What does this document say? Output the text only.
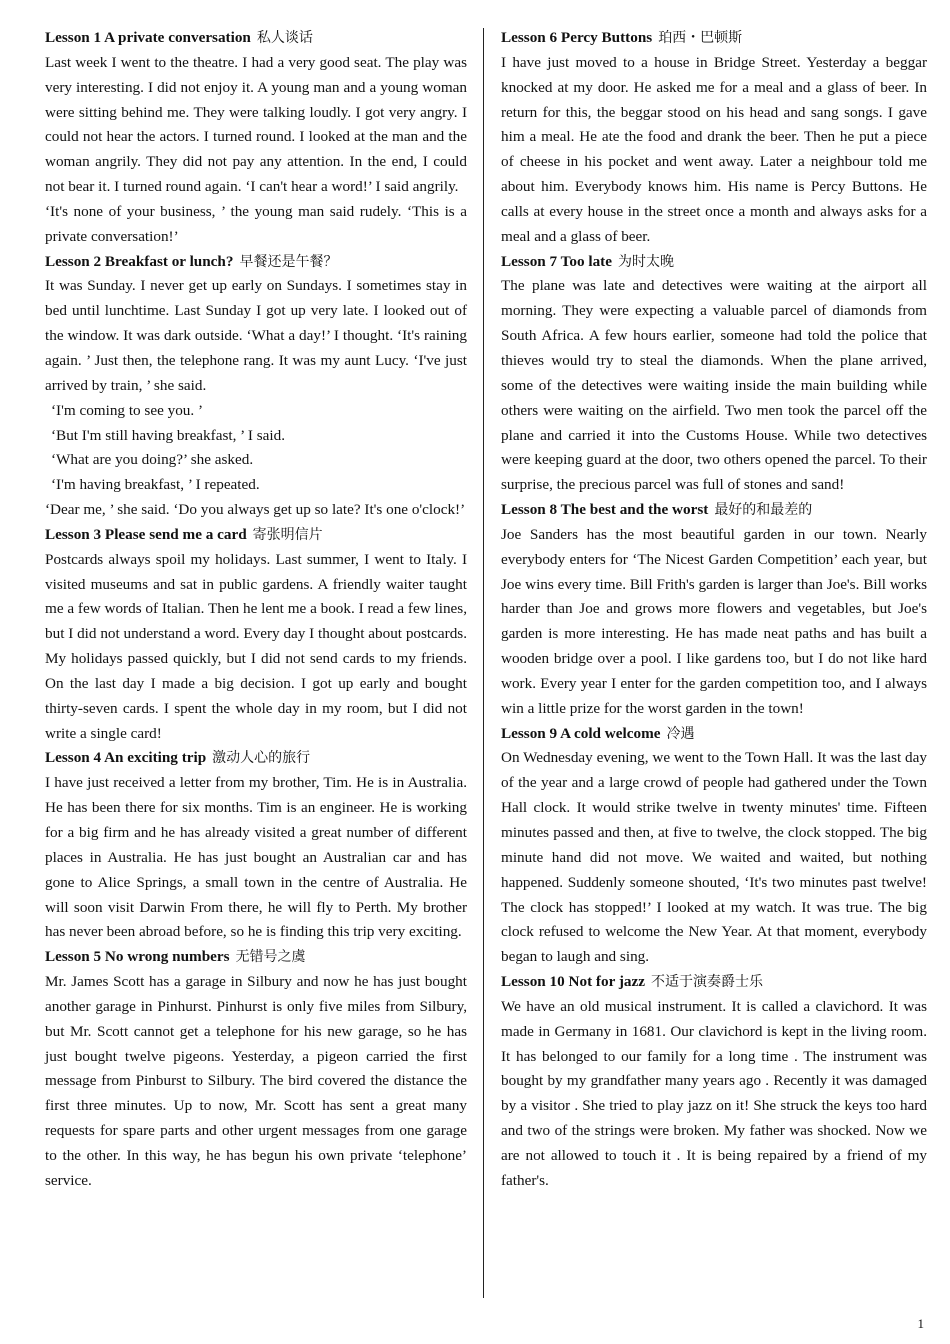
Lesson 1 A private conversation 私人谈话

Last week I went to the theatre. I had a very good seat. The play was very interesting. I did not enjoy it. A young man and a young woman were sitting behind me. They were talking loudly. I got very angry. I could not hear the actors. I turned round. I looked at the man and the woman angrily. They did not pay any attention. In the end, I could not bear it. I turned round again. ‘I can't hear a word!’ I said angrily.

‘It's none of your business, ’ the young man said rudely. ‘This is a private conversation!’

Lesson 2 Breakfast or lunch? 早餐还是午餐？

It was Sunday. I never get up early on Sundays. I sometimes stay in bed until lunchtime. Last Sunday I got up very late. I looked out of the window. It was dark outside. ‘What a day!’ I thought. ‘It's raining again. ’ Just then, the telephone rang. It was my aunt Lucy. ‘I've just arrived by train, ’ she said.

‘I'm coming to see you. ’

‘But I'm still having breakfast, ’ I said.

‘What are you doing?’ she asked.

‘I'm having breakfast, ’ I repeated.

‘Dear me, ’ she said. ‘Do you always get up so late? It's one o'clock!’

Lesson 3 Please send me a card 寄张明信片

Postcards always spoil my holidays. Last summer, I went to Italy. I visited museums and sat in public gardens. A friendly waiter taught me a few words of Italian. Then he lent me a book. I read a few lines, but I did not understand a word. Every day I thought about postcards. My holidays passed quickly, but I did not send cards to my friends. On the last day I made a big decision. I got up early and bought thirty-seven cards. I spent the whole day in my room, but I did not write a single card!

Lesson 4 An exciting trip 激动人心的旅行

I have just received a letter from my brother, Tim. He is in Australia. He has been there for six months. Tim is an engineer. He is working for a big firm and he has already visited a great number of different places in Australia. He has just bought an Australian car and has gone to Alice Springs, a small town in the centre of Australia. He will soon visit Darwin From there, he will fly to Perth. My brother has never been abroad before, so he is finding this trip very exciting.

Lesson 5 No wrong numbers 无错号之虞

Mr. James Scott has a garage in Silbury and now he has just bought another garage in Pinhurst. Pinhurst is only five miles from Silbury, but Mr. Scott cannot get a telephone for his new garage, so he has just bought twelve pigeons. Yesterday, a pigeon carried the first message from Pinburst to Silbury. The bird covered the distance the first three minutes. Up to now, Mr. Scott has sent a great many requests for spare parts and other urgent messages from one garage to the other. In this way, he has begun his own private ‘telephone’ service.

Lesson 6 Percy Buttons 珀西・巴顿斯

I have just moved to a house in Bridge Street. Yesterday a beggar knocked at my door. He asked me for a meal and a glass of beer. In return for this, the beggar stood on his head and sang songs. I gave him a meal. He ate the food and drank the beer. Then he put a piece of cheese in his pocket and went away. Later a neighbour told me about him. Everybody knows him. His name is Percy Buttons. He calls at every house in the street once a month and always asks for a meal and a glass of beer.

Lesson 7 Too late 为时太晚

The plane was late and detectives were waiting at the airport all morning. They were expecting a valuable parcel of diamonds from South Africa. A few hours earlier, someone had told the police that thieves would try to steal the diamonds. When the plane arrived, some of the detectives were waiting inside the main building while others were waiting on the airfield. Two men took the parcel off the plane and carried it into the Customs House. While two detectives were keeping guard at the door, two others opened the parcel. To their surprise, the precious parcel was full of stones and sand!

Lesson 8 The best and the worst 最好的和最差的

Joe Sanders has the most beautiful garden in our town. Nearly everybody enters for ‘The Nicest Garden Competition’ each year, but Joe wins every time. Bill Frith's garden is larger than Joe's. Bill works harder than Joe and grows more flowers and vegetables, but Joe's garden is more interesting. He has made neat paths and has built a wooden bridge over a pool. I like gardens too, but I do not like hard work. Every year I enter for the garden competition too, and I always win a little prize for the worst garden in the town!

Lesson 9 A cold welcome 冷遇

On Wednesday evening, we went to the Town Hall. It was the last day of the year and a large crowd of people had gathered under the Town Hall clock. It would strike twelve in twenty minutes' time. Fifteen minutes passed and then, at five to twelve, the clock stopped. The big minute hand did not move. We waited and waited, but nothing happened. Suddenly someone shouted, ‘It's two minutes past twelve! The clock has stopped!’ I looked at my watch. It was true. The big clock refused to welcome the New Year. At that moment, everybody began to laugh and sing.

Lesson 10 Not for jazz 不适于演奏爵士乐

We have an old musical instrument. It is called a clavichord. It was made in Germany in 1681. Our clavichord is kept in the living room. It has belonged to our family for a long time . The instrument was bought by my grandfather many years ago . Recently it was damaged by a visitor . She tried to play jazz on it! She struck the keys too hard and two of the strings were broken. My father was shocked. Now we are not allowed to touch it . It is being repaired by a friend of my father's.

1
